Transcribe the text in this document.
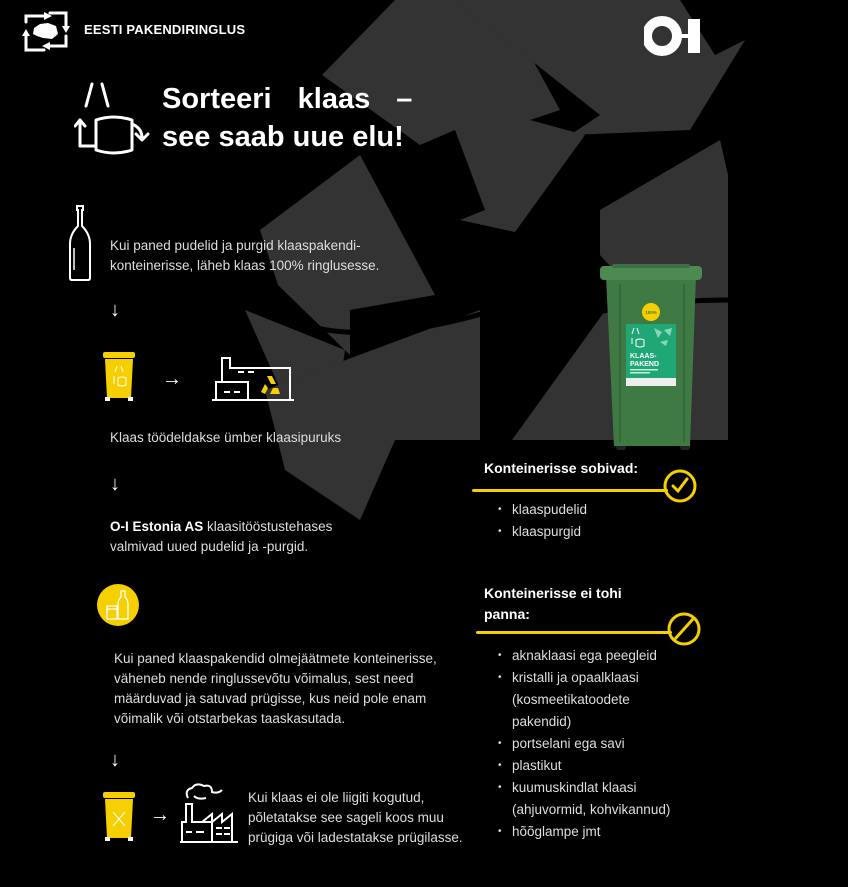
EESTI PAKENDIRINGLUS
Sorteeri klaas –
see saab uue elu!
Kui paned pudelid ja purgid klaaspakendi-
konteinerisse, läheb klaas 100% ringlusesse.
↓
→
Klaas töödeldakse ümber klaasipuruks
↓
O-I Estonia AS klaasitööstustehases
valmivad uued pudelid ja -purgid.
Kui paned klaaspakendid olmejäätmete konteinerisse,
väheneb nende ringlussevõtu võimalus, sest need
määrduvad ja satuvad prügisse, kus neid pole enam
võimalik või otstarbekas taaskasutada.
↓
→
Kui klaas ei ole liigiti kogutud,
põletatakse see sageli koos muu
prügiga või ladestatakse prügilasse.
100%
KLAAS-
PAKEND
Konteinerisse sobivad:
• klaaspudelid
• klaaspurgid
Konteinerisse ei tohi
panna:
• aknaklaasi ega peegleid
• kristalli ja opaalklaasi (kosmeetikatoodete pakendid)
• portselani ega savi
• plastikut
• kuumuskindlat klaasi (ahjuvormid, kohvikannud)
• hõõglampe jmt
